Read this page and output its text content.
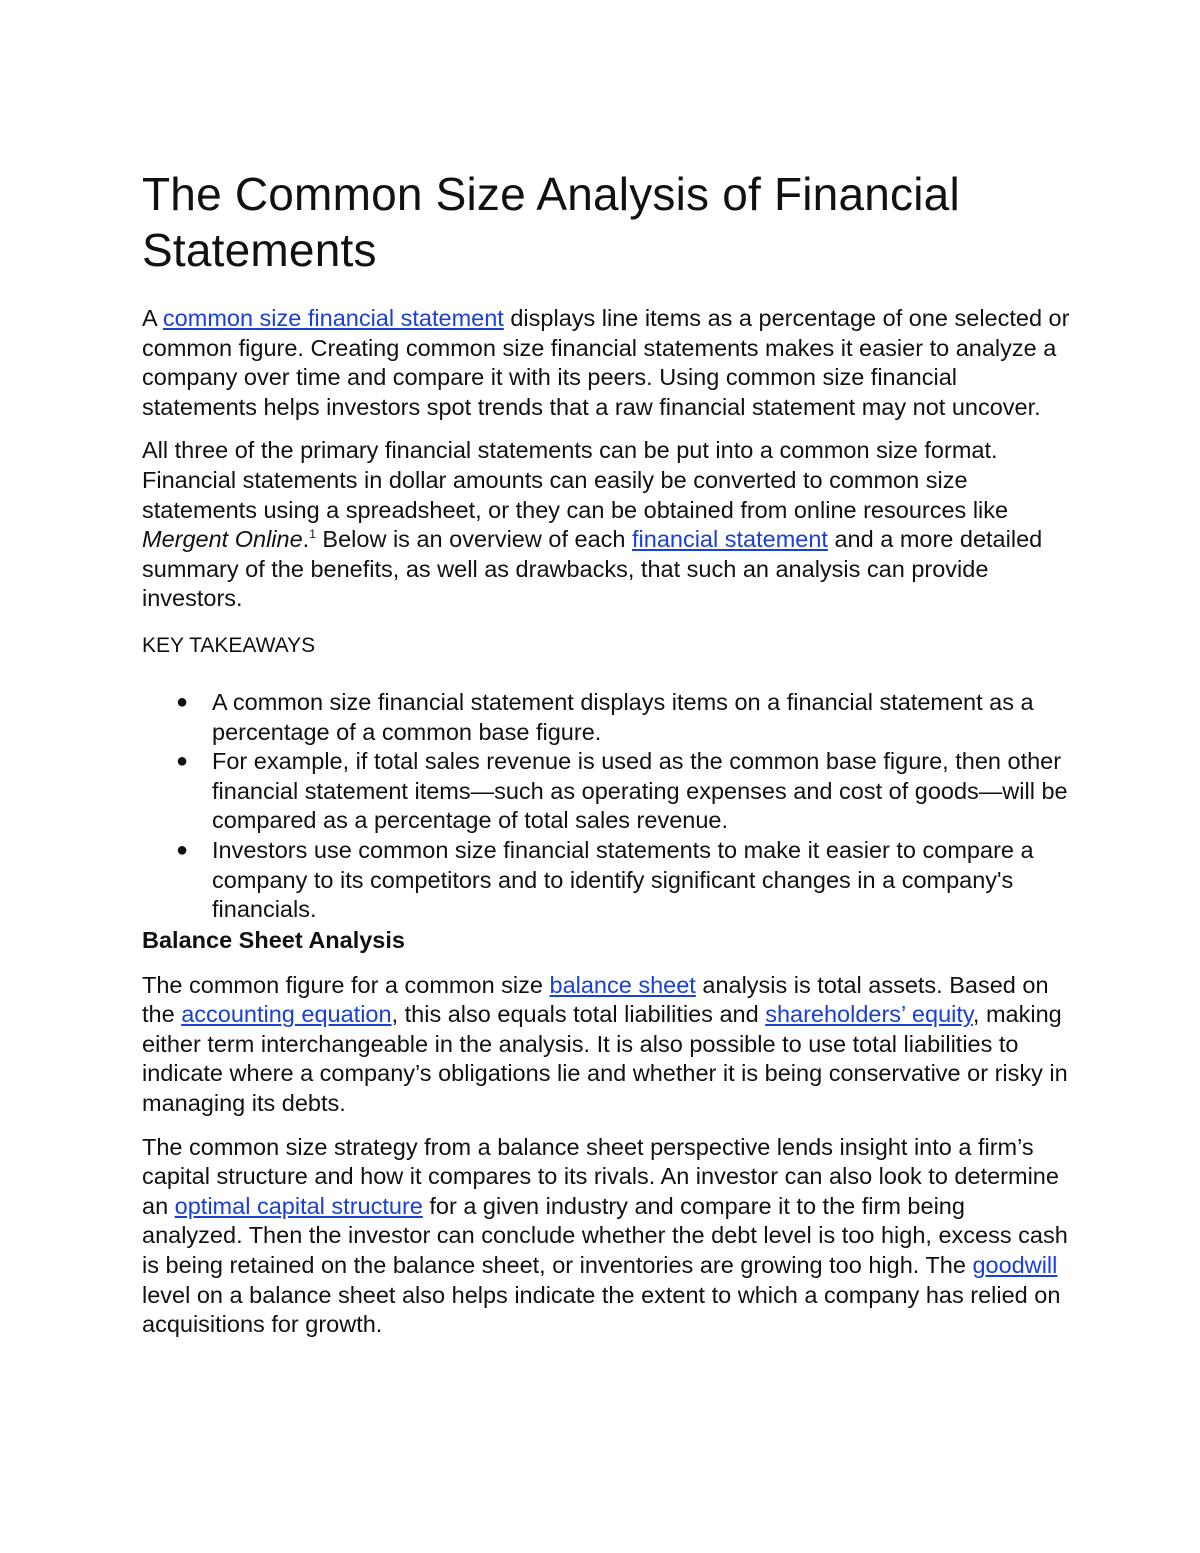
The Common Size Analysis of Financial Statements

A common size financial statement displays line items as a percentage of one selected or common figure. Creating common size financial statements makes it easier to analyze a company over time and compare it with its peers. Using common size financial statements helps investors spot trends that a raw financial statement may not uncover.

All three of the primary financial statements can be put into a common size format. Financial statements in dollar amounts can easily be converted to common size statements using a spreadsheet, or they can be obtained from online resources like Mergent Online.$^1$ Below is an overview of each financial statement and a more detailed summary of the benefits, as well as drawbacks, that such an analysis can provide investors.

KEY TAKEAWAYS
● A common size financial statement displays items on a financial statement as a percentage of a common base figure.
● For example, if total sales revenue is used as the common base figure, then other financial statement items—such as operating expenses and cost of goods—will be compared as a percentage of total sales revenue.
● Investors use common size financial statements to make it easier to compare a company to its competitors and to identify significant changes in a company's financials.
Balance Sheet Analysis

The common figure for a common size balance sheet analysis is total assets. Based on the accounting equation, this also equals total liabilities and shareholders’ equity, making either term interchangeable in the analysis. It is also possible to use total liabilities to indicate where a company’s obligations lie and whether it is being conservative or risky in managing its debts.

The common size strategy from a balance sheet perspective lends insight into a firm’s capital structure and how it compares to its rivals. An investor can also look to determine an optimal capital structure for a given industry and compare it to the firm being analyzed. Then the investor can conclude whether the debt level is too high, excess cash is being retained on the balance sheet, or inventories are growing too high. The goodwill level on a balance sheet also helps indicate the extent to which a company has relied on acquisitions for growth.
